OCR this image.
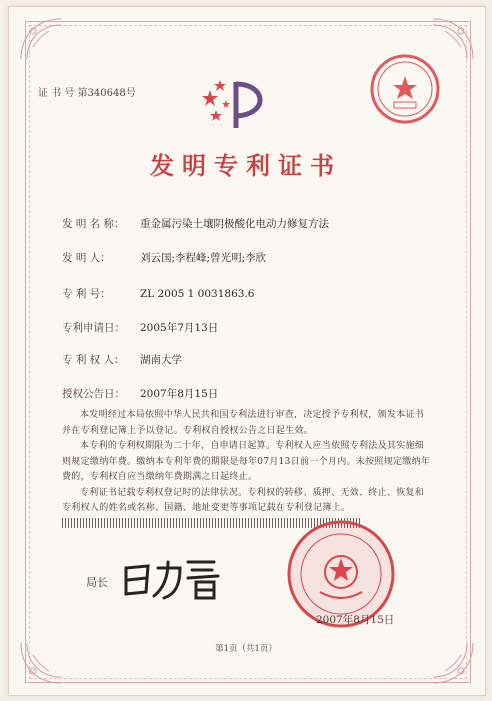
证 书 号 第340648号
发明专利证书
发 明 名 称： 重金属污染土壤阴极酸化电动力修复方法
发 明 人：	刘云国;李程峰;曾光明;李欣
专 利 号：	ZL 2005 1 0031863.6
专利申请日： 2005年7月13日
专 利 权 人： 湖南大学
授权公告日： 2007年8月15日

本发明经过本局依照中华人民共和国专利法进行审查，决定授予专利权，颁发本证书并在专利登记簿上予以登记。专利权自授权公告之日起生效。

本专利的专利权期限为二十年，自申请日起算。专利权人应当依照专利法及其实施细则规定缴纳年费。缴纳本专利年费的期限是每年07月13日前一个月内。未按照规定缴纳年费的，专利权自应当缴纳年费期满之日起终止。

专利证书记载专利权登记时的法律状况。专利权的转移、质押、无效、终止、恢复和专利权人的姓名或名称、国籍、地址变更等事项记载在专利登记簿上。

局长
2007年8月15日
第1页（共1页）
